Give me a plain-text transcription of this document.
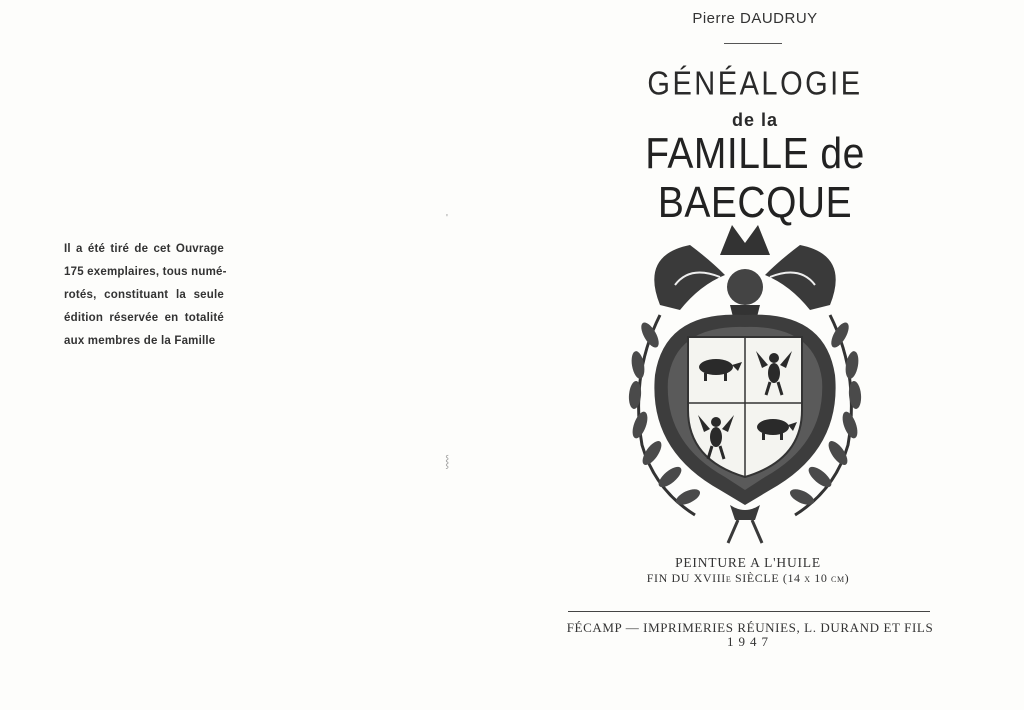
Il a été tiré de cet Ouvrage
175 exemplaires, tous numé-
rotés, constituant la seule
édition réservée en totalité
aux membres de la Famille
'
⸾
Pierre DAUDRUY
GÉNÉALOGIE
de la
FAMILLE de BAECQUE
PEINTURE A L'HUILE
FIN DU XVIIIe SIÈCLE (14 x 10 cm)
FÉCAMP — IMPRIMERIES RÉUNIES, L. DURAND ET FILS
1947
